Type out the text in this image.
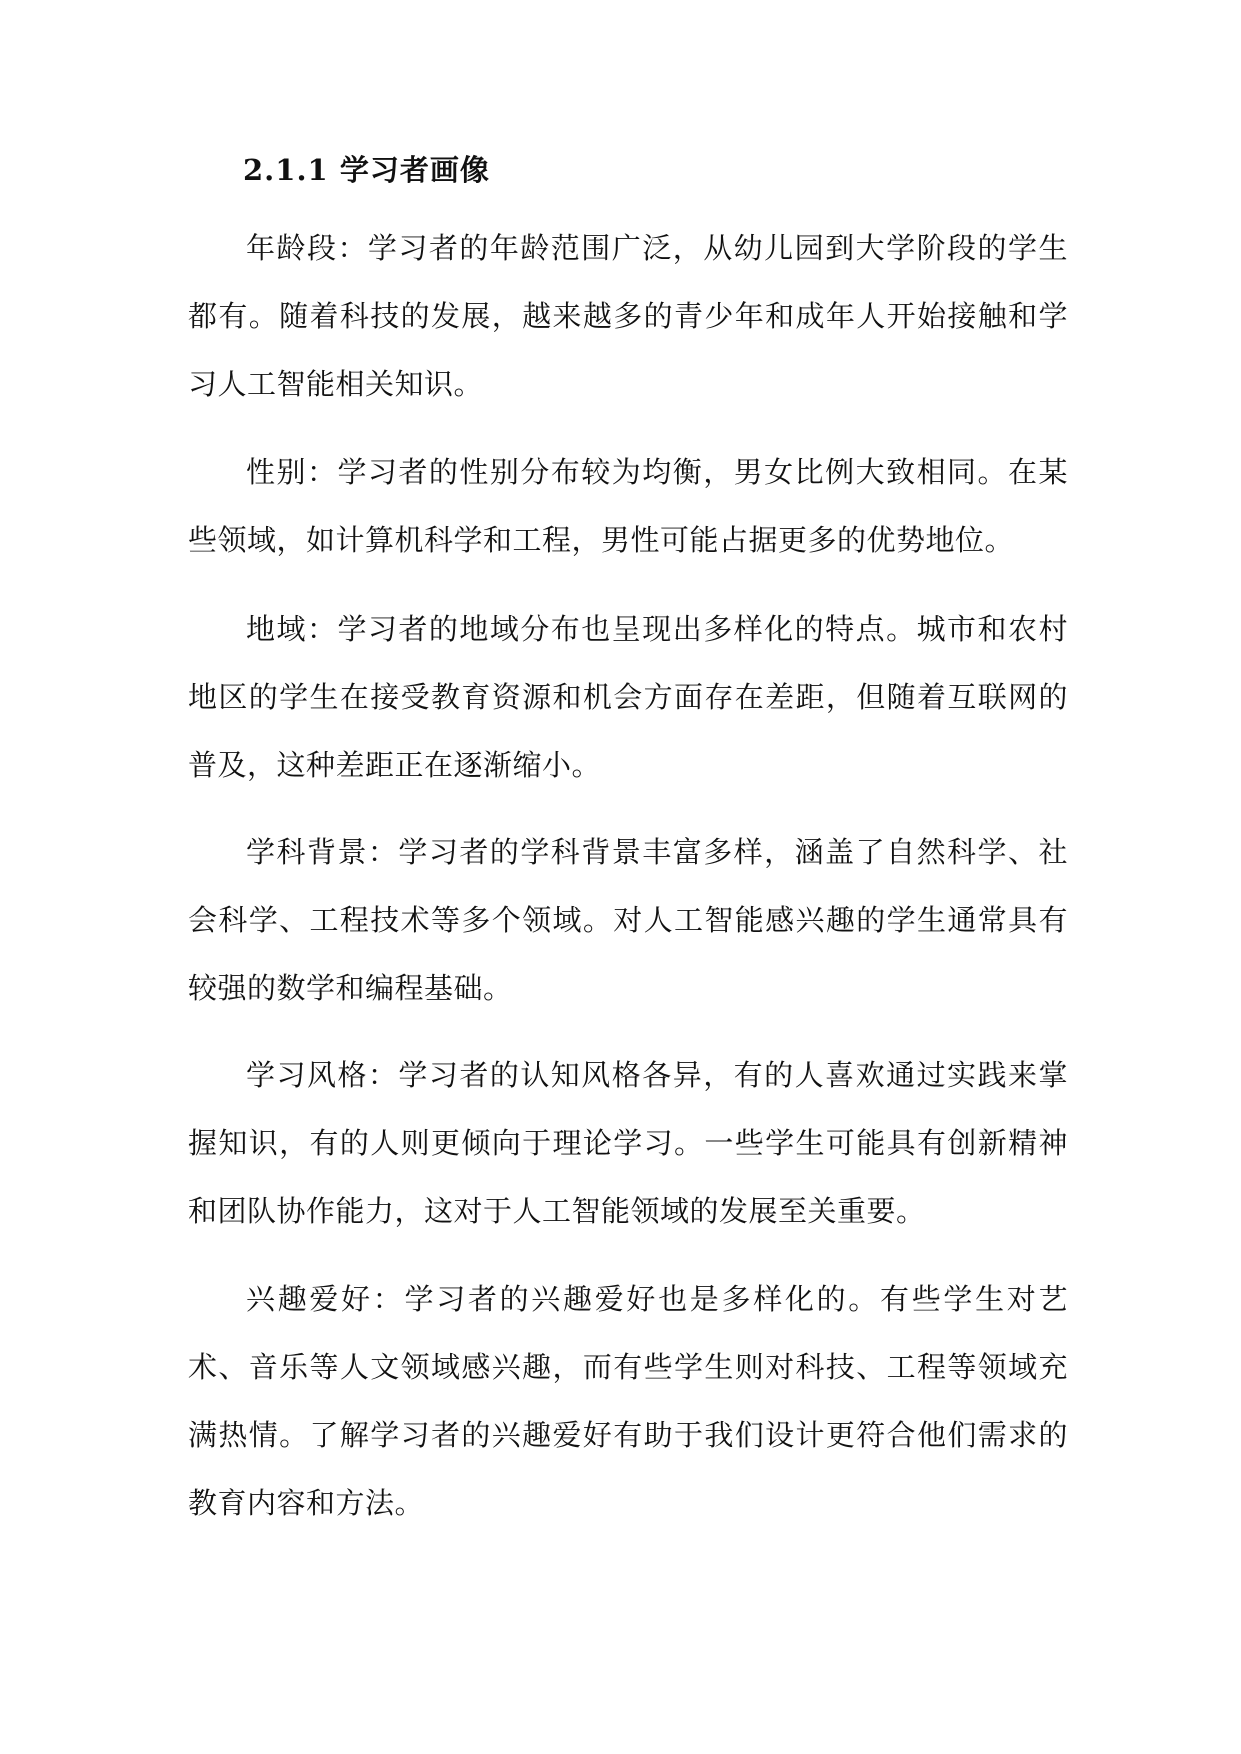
2.1.1 学习者画像

年龄段：学习者的年龄范围广泛，从幼儿园到大学阶段的学生都有。随着科技的发展，越来越多的青少年和成年人开始接触和学习人工智能相关知识。

性别：学习者的性别分布较为均衡，男女比例大致相同。在某些领域，如计算机科学和工程，男性可能占据更多的优势地位。

地域：学习者的地域分布也呈现出多样化的特点。城市和农村地区的学生在接受教育资源和机会方面存在差距，但随着互联网的普及，这种差距正在逐渐缩小。

学科背景：学习者的学科背景丰富多样，涵盖了自然科学、社会科学、工程技术等多个领域。对人工智能感兴趣的学生通常具有较强的数学和编程基础。

学习风格：学习者的认知风格各异，有的人喜欢通过实践来掌握知识，有的人则更倾向于理论学习。一些学生可能具有创新精神和团队协作能力，这对于人工智能领域的发展至关重要。

兴趣爱好：学习者的兴趣爱好也是多样化的。有些学生对艺术、音乐等人文领域感兴趣，而有些学生则对科技、工程等领域充满热情。了解学习者的兴趣爱好有助于我们设计更符合他们需求的教育内容和方法。
